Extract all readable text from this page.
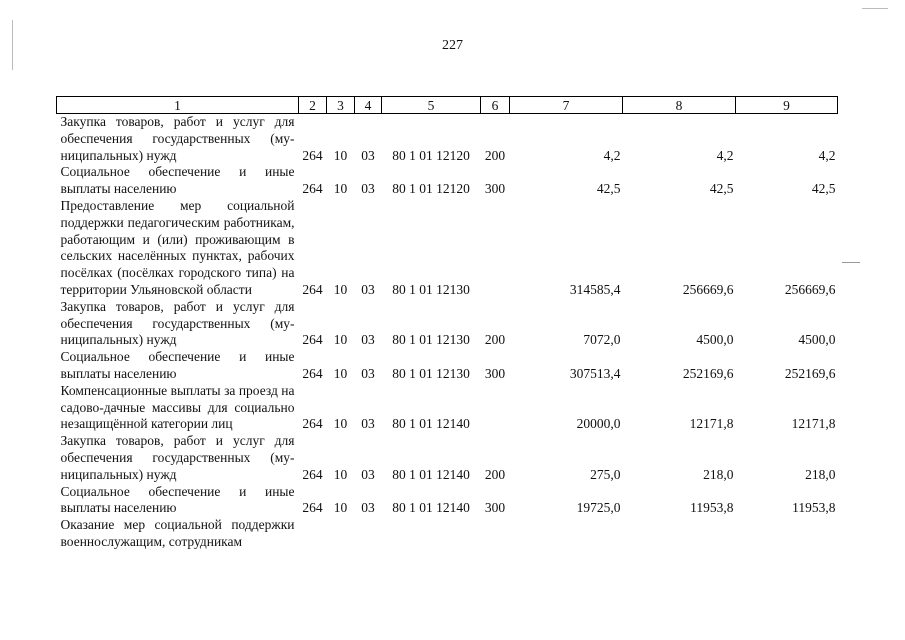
227
1	2	3	4	5	6	7	8	9
Закупка товаров, работ и услуг для обеспечения государственных (муниципальных) нужд	264	10	03	80 1 01 12120	200	4,2	4,2	4,2
Социальное обеспечение и иные выплаты населению	264	10	03	80 1 01 12120	300	42,5	42,5	42,5
Предоставление мер социальной поддержки педагогическим работникам, работающим и (или) проживающим в сельских населённых пунктах, рабочих посёлках (посёлках городского типа) на территории Ульяновской области	264	10	03	80 1 01 12130		314585,4	256669,6	256669,6
Закупка товаров, работ и услуг для обеспечения государственных (муниципальных) нужд	264	10	03	80 1 01 12130	200	7072,0	4500,0	4500,0
Социальное обеспечение и иные выплаты населению	264	10	03	80 1 01 12130	300	307513,4	252169,6	252169,6
Компенсационные выплаты за проезд на садово-дачные массивы для социально незащищённой категории лиц	264	10	03	80 1 01 12140		20000,0	12171,8	12171,8
Закупка товаров, работ и услуг для обеспечения государственных (муниципальных) нужд	264	10	03	80 1 01 12140	200	275,0	218,0	218,0
Социальное обеспечение и иные выплаты населению	264	10	03	80 1 01 12140	300	19725,0	11953,8	11953,8
Оказание мер социальной поддержки военнослужащим, сотрудникам								
